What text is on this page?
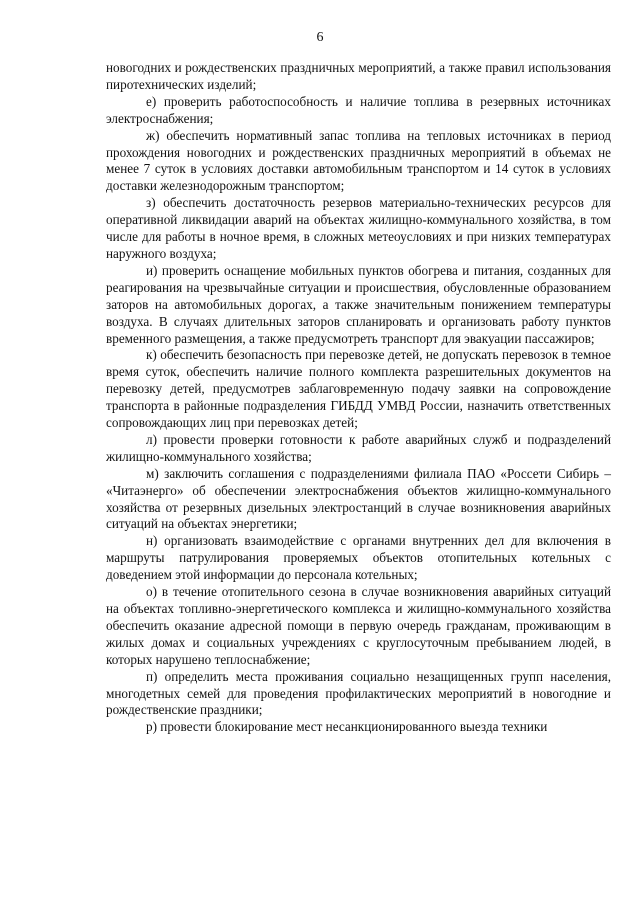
6

новогодних и рождественских праздничных мероприятий, а также правил использования пиротехнических изделий;

е) проверить работоспособность и наличие топлива в резервных источниках электроснабжения;

ж) обеспечить нормативный запас топлива на тепловых источниках в период прохождения новогодних и рождественских праздничных мероприятий в объемах не менее 7 суток в условиях доставки автомобильным транспортом и 14 суток в условиях доставки железнодорожным транспортом;

з) обеспечить достаточность резервов материально-технических ресурсов для оперативной ликвидации аварий на объектах жилищно-коммунального хозяйства, в том числе для работы в ночное время, в сложных метеоусловиях и при низких температурах наружного воздуха;

и) проверить оснащение мобильных пунктов обогрева и питания, созданных для реагирования на чрезвычайные ситуации и происшествия, обусловленные образованием заторов на автомобильных дорогах, а также значительным понижением температуры воздуха. В случаях длительных заторов спланировать и организовать работу пунктов временного размещения, а также предусмотреть транспорт для эвакуации пассажиров;

к) обеспечить безопасность при перевозке детей, не допускать перевозок в темное время суток, обеспечить наличие полного комплекта разрешительных документов на перевозку детей, предусмотрев заблаговременную подачу заявки на сопровождение транспорта в районные подразделения ГИБДД УМВД России, назначить ответственных сопровождающих лиц при перевозках детей;

л) провести проверки готовности к работе аварийных служб и подразделений жилищно-коммунального хозяйства;

м) заключить соглашения с подразделениями филиала ПАО «Россети Сибирь – «Читаэнерго» об обеспечении электроснабжения объектов жилищно-коммунального хозяйства от резервных дизельных электростанций в случае возникновения аварийных ситуаций на объектах энергетики;

н) организовать взаимодействие с органами внутренних дел для включения в маршруты патрулирования проверяемых объектов отопительных котельных с доведением этой информации до персонала котельных;

о) в течение отопительного сезона в случае возникновения аварийных ситуаций на объектах топливно-энергетического комплекса и жилищно-коммунального хозяйства обеспечить оказание адресной помощи в первую очередь гражданам, проживающим в жилых домах и социальных учреждениях с круглосуточным пребыванием людей, в которых нарушено теплоснабжение;

п) определить места проживания социально незащищенных групп населения, многодетных семей для проведения профилактических мероприятий в новогодние и рождественские праздники;

р) провести блокирование мест несанкционированного выезда техники
